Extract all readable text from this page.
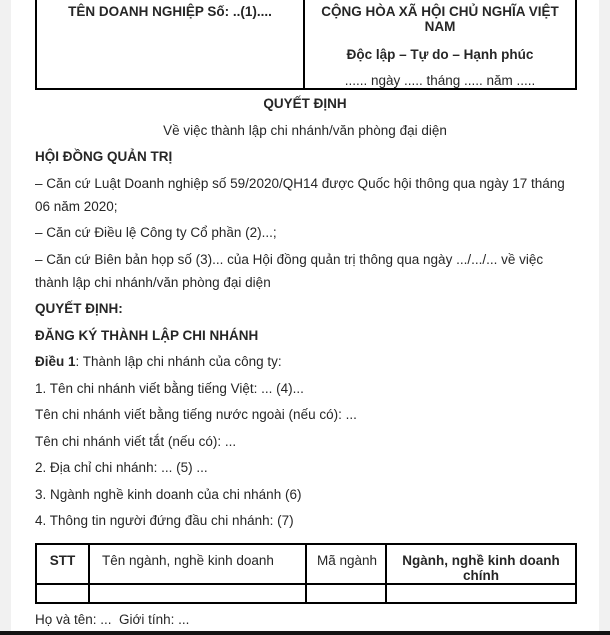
TÊN DOANH NGHIỆP Số: ..(1)....	CỘNG HÒA XÃ HỘI CHỦ NGHĨA VIỆT NAM
Độc lập – Tự do – Hạnh phúc
...... ngày ..... tháng ..... năm .....

QUYẾT ĐỊNH

Về việc thành lập chi nhánh/văn phòng đại diện

HỘI ĐỒNG QUẢN TRỊ

– Căn cứ Luật Doanh nghiệp số 59/2020/QH14 được Quốc hội thông qua ngày 17 tháng 06 năm 2020;

– Căn cứ Điều lệ Công ty Cổ phần (2)...;

– Căn cứ Biên bản họp số (3)... của Hội đồng quản trị thông qua ngày .../.../... về việc thành lập chi nhánh/văn phòng đại diện

QUYẾT ĐỊNH:

ĐĂNG KÝ THÀNH LẬP CHI NHÁNH

Điều 1: Thành lập chi nhánh của công ty:

1. Tên chi nhánh viết bằng tiếng Việt: ... (4)...

Tên chi nhánh viết bằng tiếng nước ngoài (nếu có): ...

Tên chi nhánh viết tắt (nếu có): ...

2. Địa chỉ chi nhánh: ... (5) ...

3. Ngành nghề kinh doanh của chi nhánh (6)

4. Thông tin người đứng đầu chi nhánh: (7)

STT	Tên ngành, nghề kinh doanh	Mã ngành	Ngành, nghề kinh doanh chính

Họ và tên: ...  Giới tính: ...
